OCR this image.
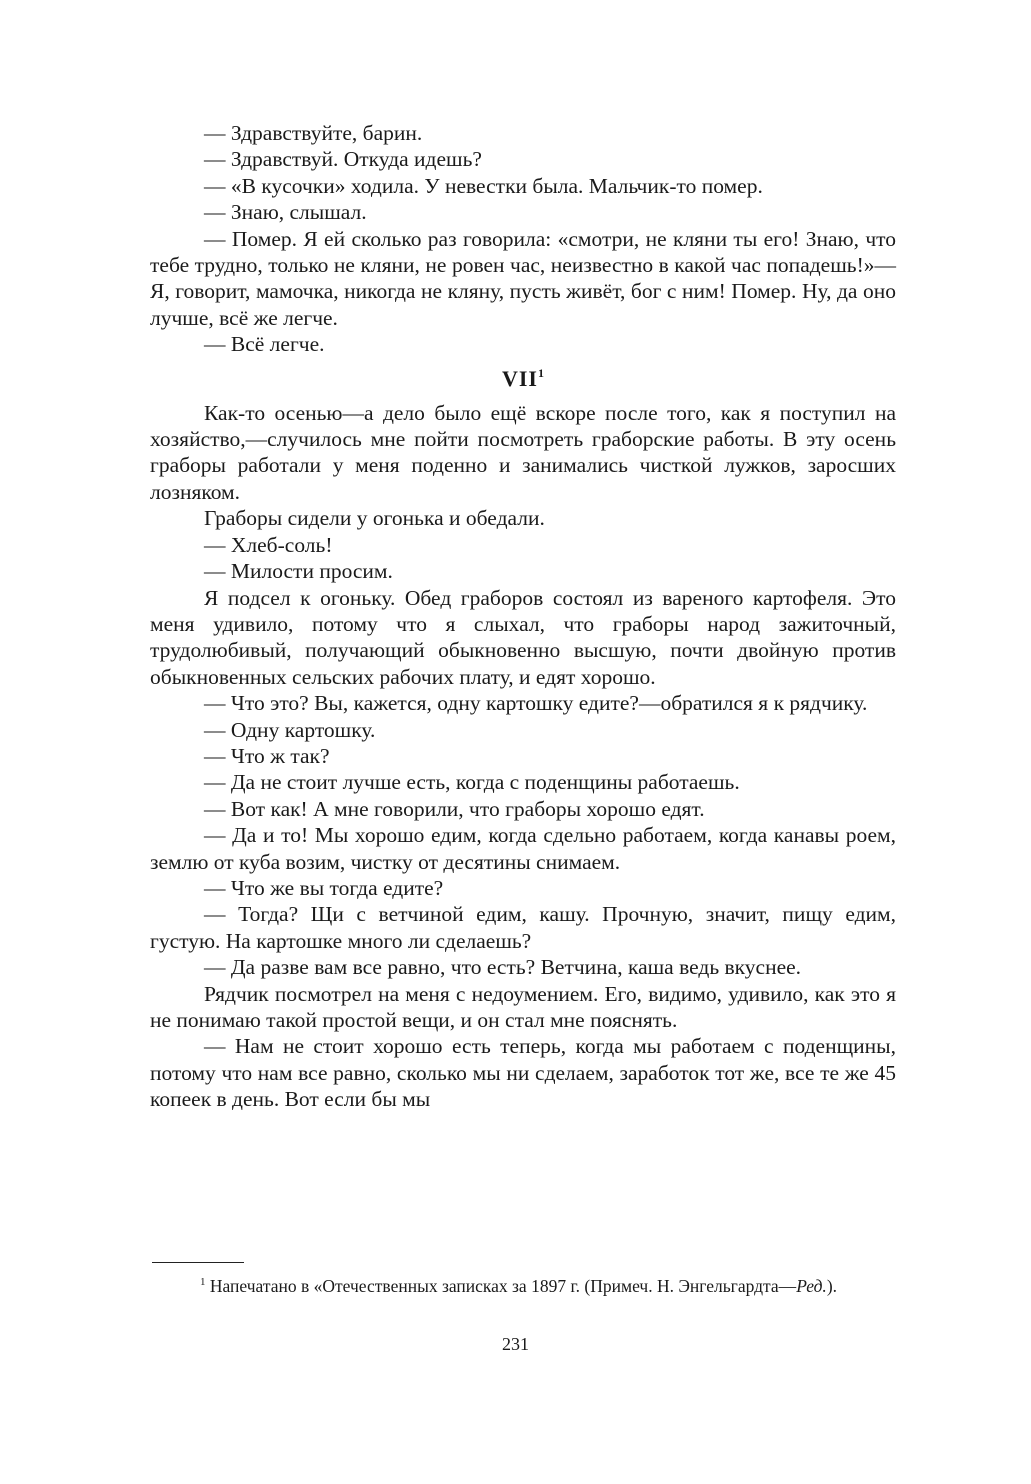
— Здравствуйте, барин.

— Здравствуй. Откуда идешь?

— «В кусочки» ходила. У невестки была. Мальчик-то помер.

— Знаю, слышал.

— Помер. Я ей сколько раз говорила: «смотри, не кляни ты его! Знаю, что тебе трудно, только не кляни, не ровен час, неизвестно в какой час попадешь!»—Я, говорит, мамочка, никогда не кляну, пусть живёт, бог с ним! Помер. Ну, да оно лучше, всё же легче.

— Всё легче.

VII$^1$

Как-то осенью—а дело было ещё вскоре после того, как я поступил на хозяйство,—случилось мне пойти посмотреть граборские работы. В эту осень граборы работали у меня поденно и занимались чисткой лужков, заросших лозняком.

Граборы сидели у огонька и обедали.

— Хлеб-соль!

— Милости просим.

Я подсел к огоньку. Обед граборов состоял из вареного картофеля. Это меня удивило, потому что я слыхал, что граборы народ зажиточный, трудолюбивый, получающий обыкновенно высшую, почти двойную против обыкновенных сельских рабочих плату, и едят хорошо.

— Что это? Вы, кажется, одну картошку едите?—обратился я к рядчику.

— Одну картошку.

— Что ж так?

— Да не стоит лучше есть, когда с поденщины работаешь.

— Вот как! А мне говорили, что граборы хорошо едят.

— Да и то! Мы хорошо едим, когда сдельно работаем, когда канавы роем, землю от куба возим, чистку от десятины снимаем.

— Что же вы тогда едите?

— Тогда? Щи с ветчиной едим, кашу. Прочную, значит, пищу едим, густую. На картошке много ли сделаешь?

— Да разве вам все равно, что есть? Ветчина, каша ведь вкуснее.

Рядчик посмотрел на меня с недоумением. Его, видимо, удивило, как это я не понимаю такой простой вещи, и он стал мне пояснять.

— Нам не стоит хорошо есть теперь, когда мы работаем с поденщины, потому что нам все равно, сколько мы ни сделаем, заработок тот же, все те же 45 копеек в день. Вот если бы мы

$^1$ Напечатано в «Отечественных записках за 1897 г. (Примеч. Н. Энгельгардта—Ред.).

231
